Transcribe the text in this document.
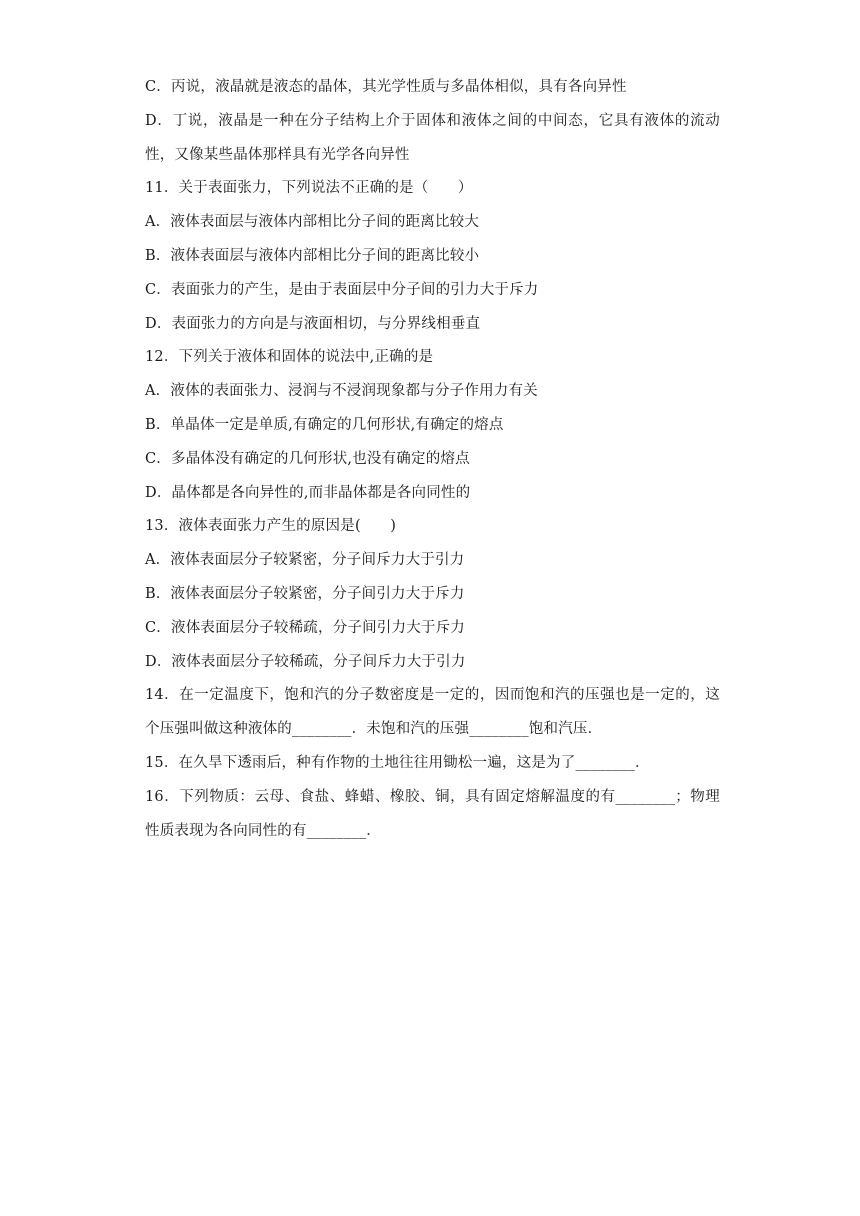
C．丙说，液晶就是液态的晶体，其光学性质与多晶体相似，具有各向异性
D．丁说，液晶是一种在分子结构上介于固体和液体之间的中间态，它具有液体的流动
性，又像某些晶体那样具有光学各向异性
11．关于表面张力，下列说法不正确的是（　　）
A．液体表面层与液体内部相比分子间的距离比较大
B．液体表面层与液体内部相比分子间的距离比较小
C．表面张力的产生，是由于表面层中分子间的引力大于斥力
D．表面张力的方向是与液面相切，与分界线相垂直
12．下列关于液体和固体的说法中,正确的是
A．液体的表面张力、浸润与不浸润现象都与分子作用力有关
B．单晶体一定是单质,有确定的几何形状,有确定的熔点
C．多晶体没有确定的几何形状,也没有确定的熔点
D．晶体都是各向异性的,而非晶体都是各向同性的
13．液体表面张力产生的原因是(　　)
A．液体表面层分子较紧密，分子间斥力大于引力
B．液体表面层分子较紧密，分子间引力大于斥力
C．液体表面层分子较稀疏，分子间引力大于斥力
D．液体表面层分子较稀疏，分子间斥力大于引力
14．在一定温度下，饱和汽的分子数密度是一定的，因而饱和汽的压强也是一定的，这
个压强叫做这种液体的________．未饱和汽的压强________饱和汽压．
15．在久旱下透雨后，种有作物的土地往往用锄松一遍，这是为了________．
16．下列物质：云母、食盐、蜂蜡、橡胶、铜，具有固定熔解温度的有________；物理
性质表现为各向同性的有________．
